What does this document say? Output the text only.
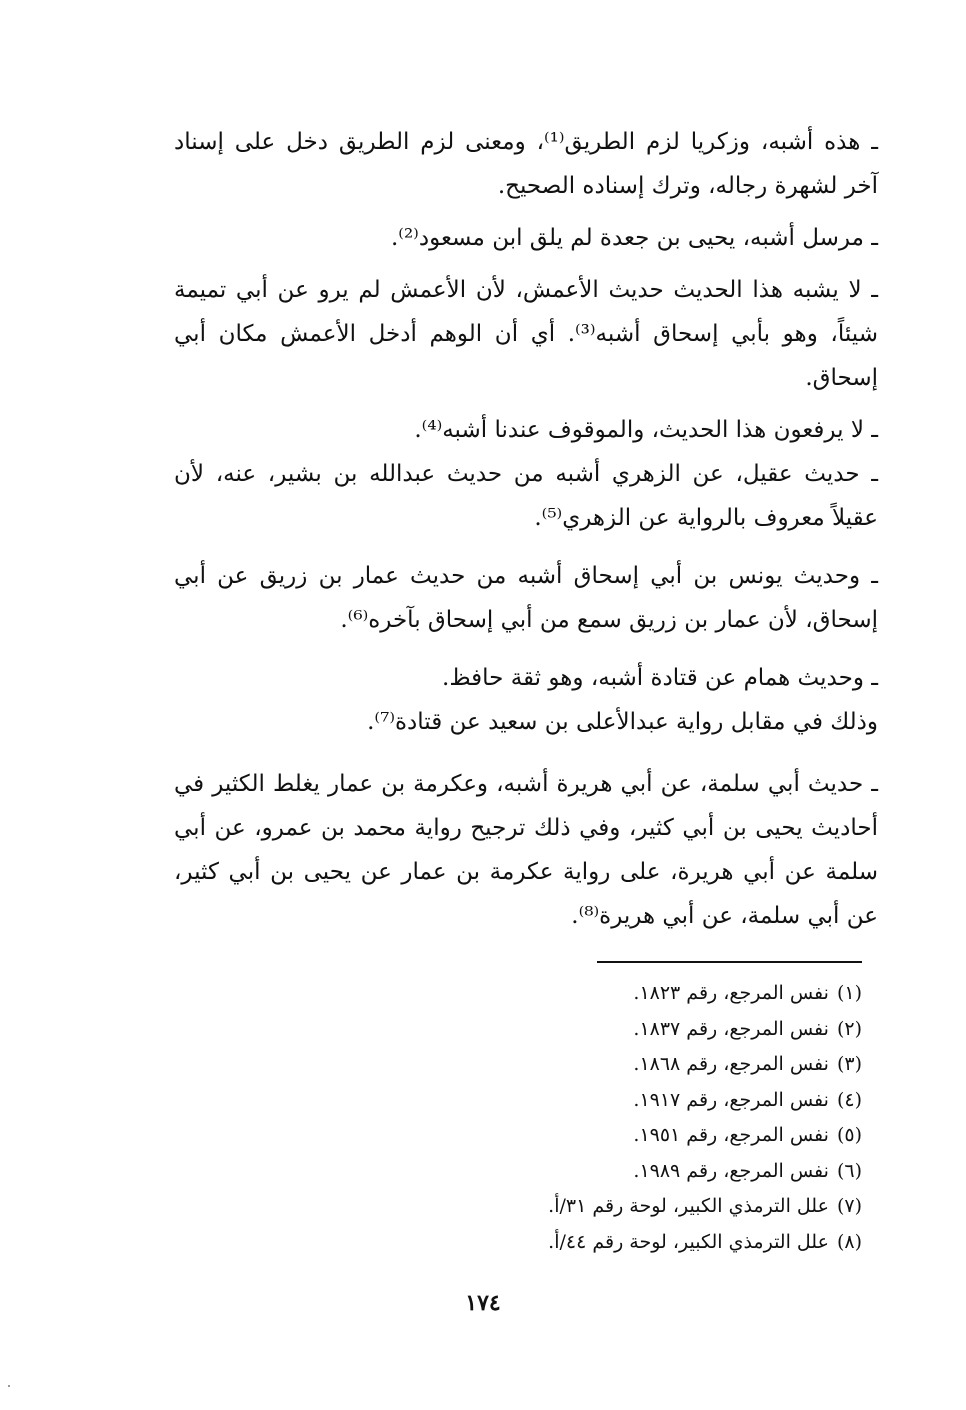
ـ هذه أشبه، وزكريا لزم الطريق⁽¹⁾، ومعنى لزم الطريق دخل على إسناد آخر لشهرة رجاله، وترك إسناده الصحيح.

ـ مرسل أشبه، يحيى بن جعدة لم يلق ابن مسعود⁽²⁾.

ـ لا يشبه هذا الحديث حديث الأعمش، لأن الأعمش لم يرو عن أبي تميمة شيئاً، وهو بأبي إسحاق أشبه⁽³⁾. أي أن الوهم أدخل الأعمش مكان أبي إسحاق.

ـ لا يرفعون هذا الحديث، والموقوف عندنا أشبه⁽⁴⁾.

ـ حديث عقيل، عن الزهري أشبه من حديث عبدالله بن بشير، عنه، لأن عقيلاً معروف بالرواية عن الزهري⁽⁵⁾.

ـ وحديث يونس بن أبي إسحاق أشبه من حديث عمار بن زريق عن أبي إسحاق، لأن عمار بن زريق سمع من أبي إسحاق بآخره⁽⁶⁾.

ـ وحديث همام عن قتادة أشبه، وهو ثقة حافظ.

وذلك في مقابل رواية عبدالأعلى بن سعيد عن قتادة⁽⁷⁾.

ـ حديث أبي سلمة، عن أبي هريرة أشبه، وعكرمة بن عمار يغلط الكثير في أحاديث يحيى بن أبي كثير، وفي ذلك ترجيح رواية محمد بن عمرو، عن أبي سلمة عن أبي هريرة، على رواية عكرمة بن عمار عن يحيى بن أبي كثير، عن أبي سلمة، عن أبي هريرة⁽⁸⁾.

(١)نفس المرجع، رقم ١٨٢٣.

(٢)نفس المرجع، رقم ١٨٣٧.

(٣)نفس المرجع، رقم ١٨٦٨.

(٤)نفس المرجع، رقم ١٩١٧.

(٥)نفس المرجع، رقم ١٩٥١.

(٦)نفس المرجع، رقم ١٩٨٩.

(٧)علل الترمذي الكبير، لوحة رقم ٣١/أ.

(٨)علل الترمذي الكبير، لوحة رقم ٤٤/أ.

١٧٤
